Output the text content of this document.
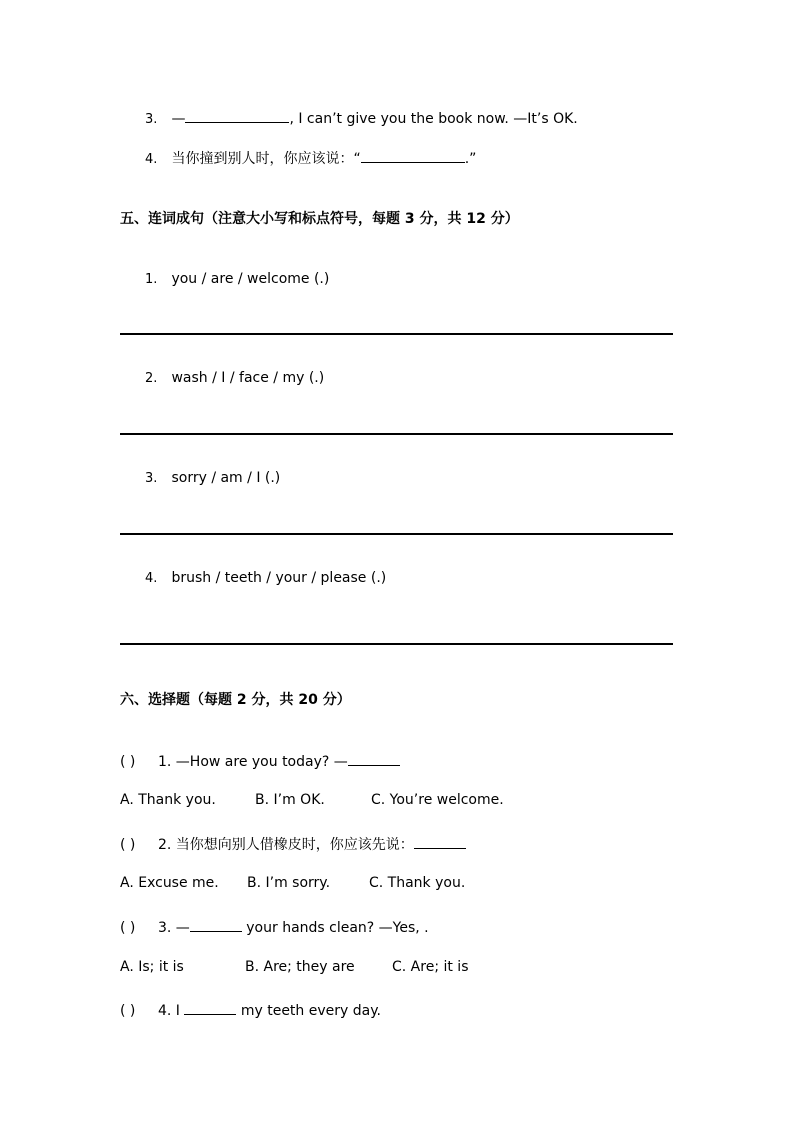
3. —	, I can’t give you the book now. —It’s OK.
4. 当你撞到别人时，你应该说：“	.”
五、连词成句（注意大小写和标点符号，每题 3 分，共 12 分）
1. you / are / welcome (.)
2. wash / I / face / my (.)
3. sorry / am / I (.)
4. brush / teeth / your / please (.)
六、选择题（每题 2 分，共 20 分）
( ) 1. —How are you today? —
A. Thank you.	B. I’m OK.	C. You’re welcome.
( ) 2. 当你想向别人借橡皮时，你应该先说：
A. Excuse me. B. I’m sorry.	C. Thank you.
( ) 3. —	your hands clean? —Yes, .
A. Is; it is	B. Are; they are	C. Are; it is
( ) 4. I	my teeth every day.
